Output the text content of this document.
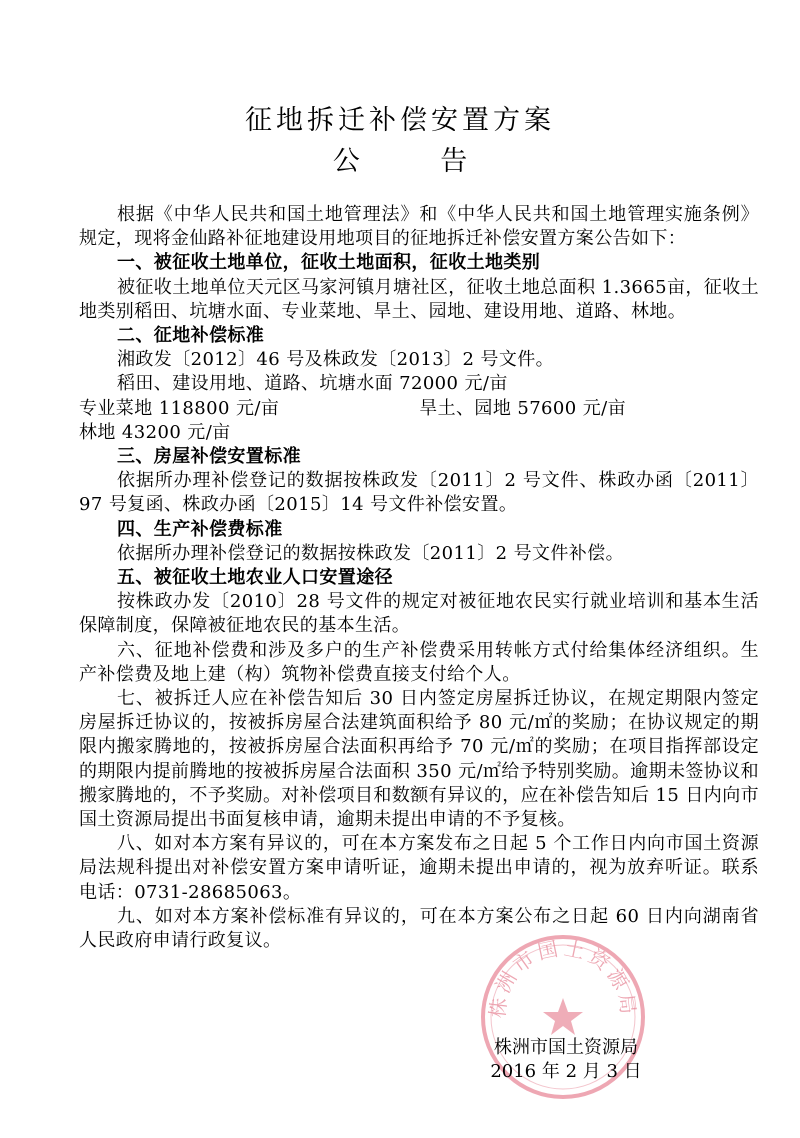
征地拆迁补偿安置方案
公 告

根据《中华人民共和国土地管理法》和《中华人民共和国土地管理实施条例》规定，现将金仙路补征地建设用地项目的征地拆迁补偿安置方案公告如下：

一、被征收土地单位，征收土地面积，征收土地类别

被征收土地单位天元区马家河镇月塘社区，征收土地总面积 1.3665亩，征收土地类别稻田、坑塘水面、专业菜地、旱土、园地、建设用地、道路、林地。

二、征地补偿标准

湘政发〔2012〕46 号及株政发〔2013〕2 号文件。

稻田、建设用地、道路、坑塘水面 72000 元/亩

专业菜地 118800 元/亩	旱土、园地 57600 元/亩

林地 43200 元/亩

三、房屋补偿安置标准

依据所办理补偿登记的数据按株政发〔2011〕2 号文件、株政办函〔2011〕97 号复函、株政办函〔2015〕14 号文件补偿安置。

四、生产补偿费标准

依据所办理补偿登记的数据按株政发〔2011〕2 号文件补偿。

五、被征收土地农业人口安置途径

按株政办发〔2010〕28 号文件的规定对被征地农民实行就业培训和基本生活保障制度，保障被征地农民的基本生活。

六、征地补偿费和涉及多户的生产补偿费采用转帐方式付给集体经济组织。生产补偿费及地上建（构）筑物补偿费直接支付给个人。

七、被拆迁人应在补偿告知后 30 日内签定房屋拆迁协议，在规定期限内签定房屋拆迁协议的，按被拆房屋合法建筑面积给予 80 元/㎡的奖励；在协议规定的期限内搬家腾地的，按被拆房屋合法面积再给予 70 元/㎡的奖励；在项目指挥部设定的期限内提前腾地的按被拆房屋合法面积 350 元/㎡给予特别奖励。逾期未签协议和搬家腾地的，不予奖励。对补偿项目和数额有异议的，应在补偿告知后 15 日内向市国土资源局提出书面复核申请，逾期未提出申请的不予复核。

八、如对本方案有异议的，可在本方案发布之日起 5 个工作日内向市国土资源局法规科提出对补偿安置方案申请听证，逾期未提出申请的，视为放弃听证。联系电话：0731-28685063。

九、如对本方案补偿标准有异议的，可在本方案公布之日起 60 日内向湖南省人民政府申请行政复议。

株洲市国土资源局
株洲市国土资源局
2016 年 2 月 3 日
